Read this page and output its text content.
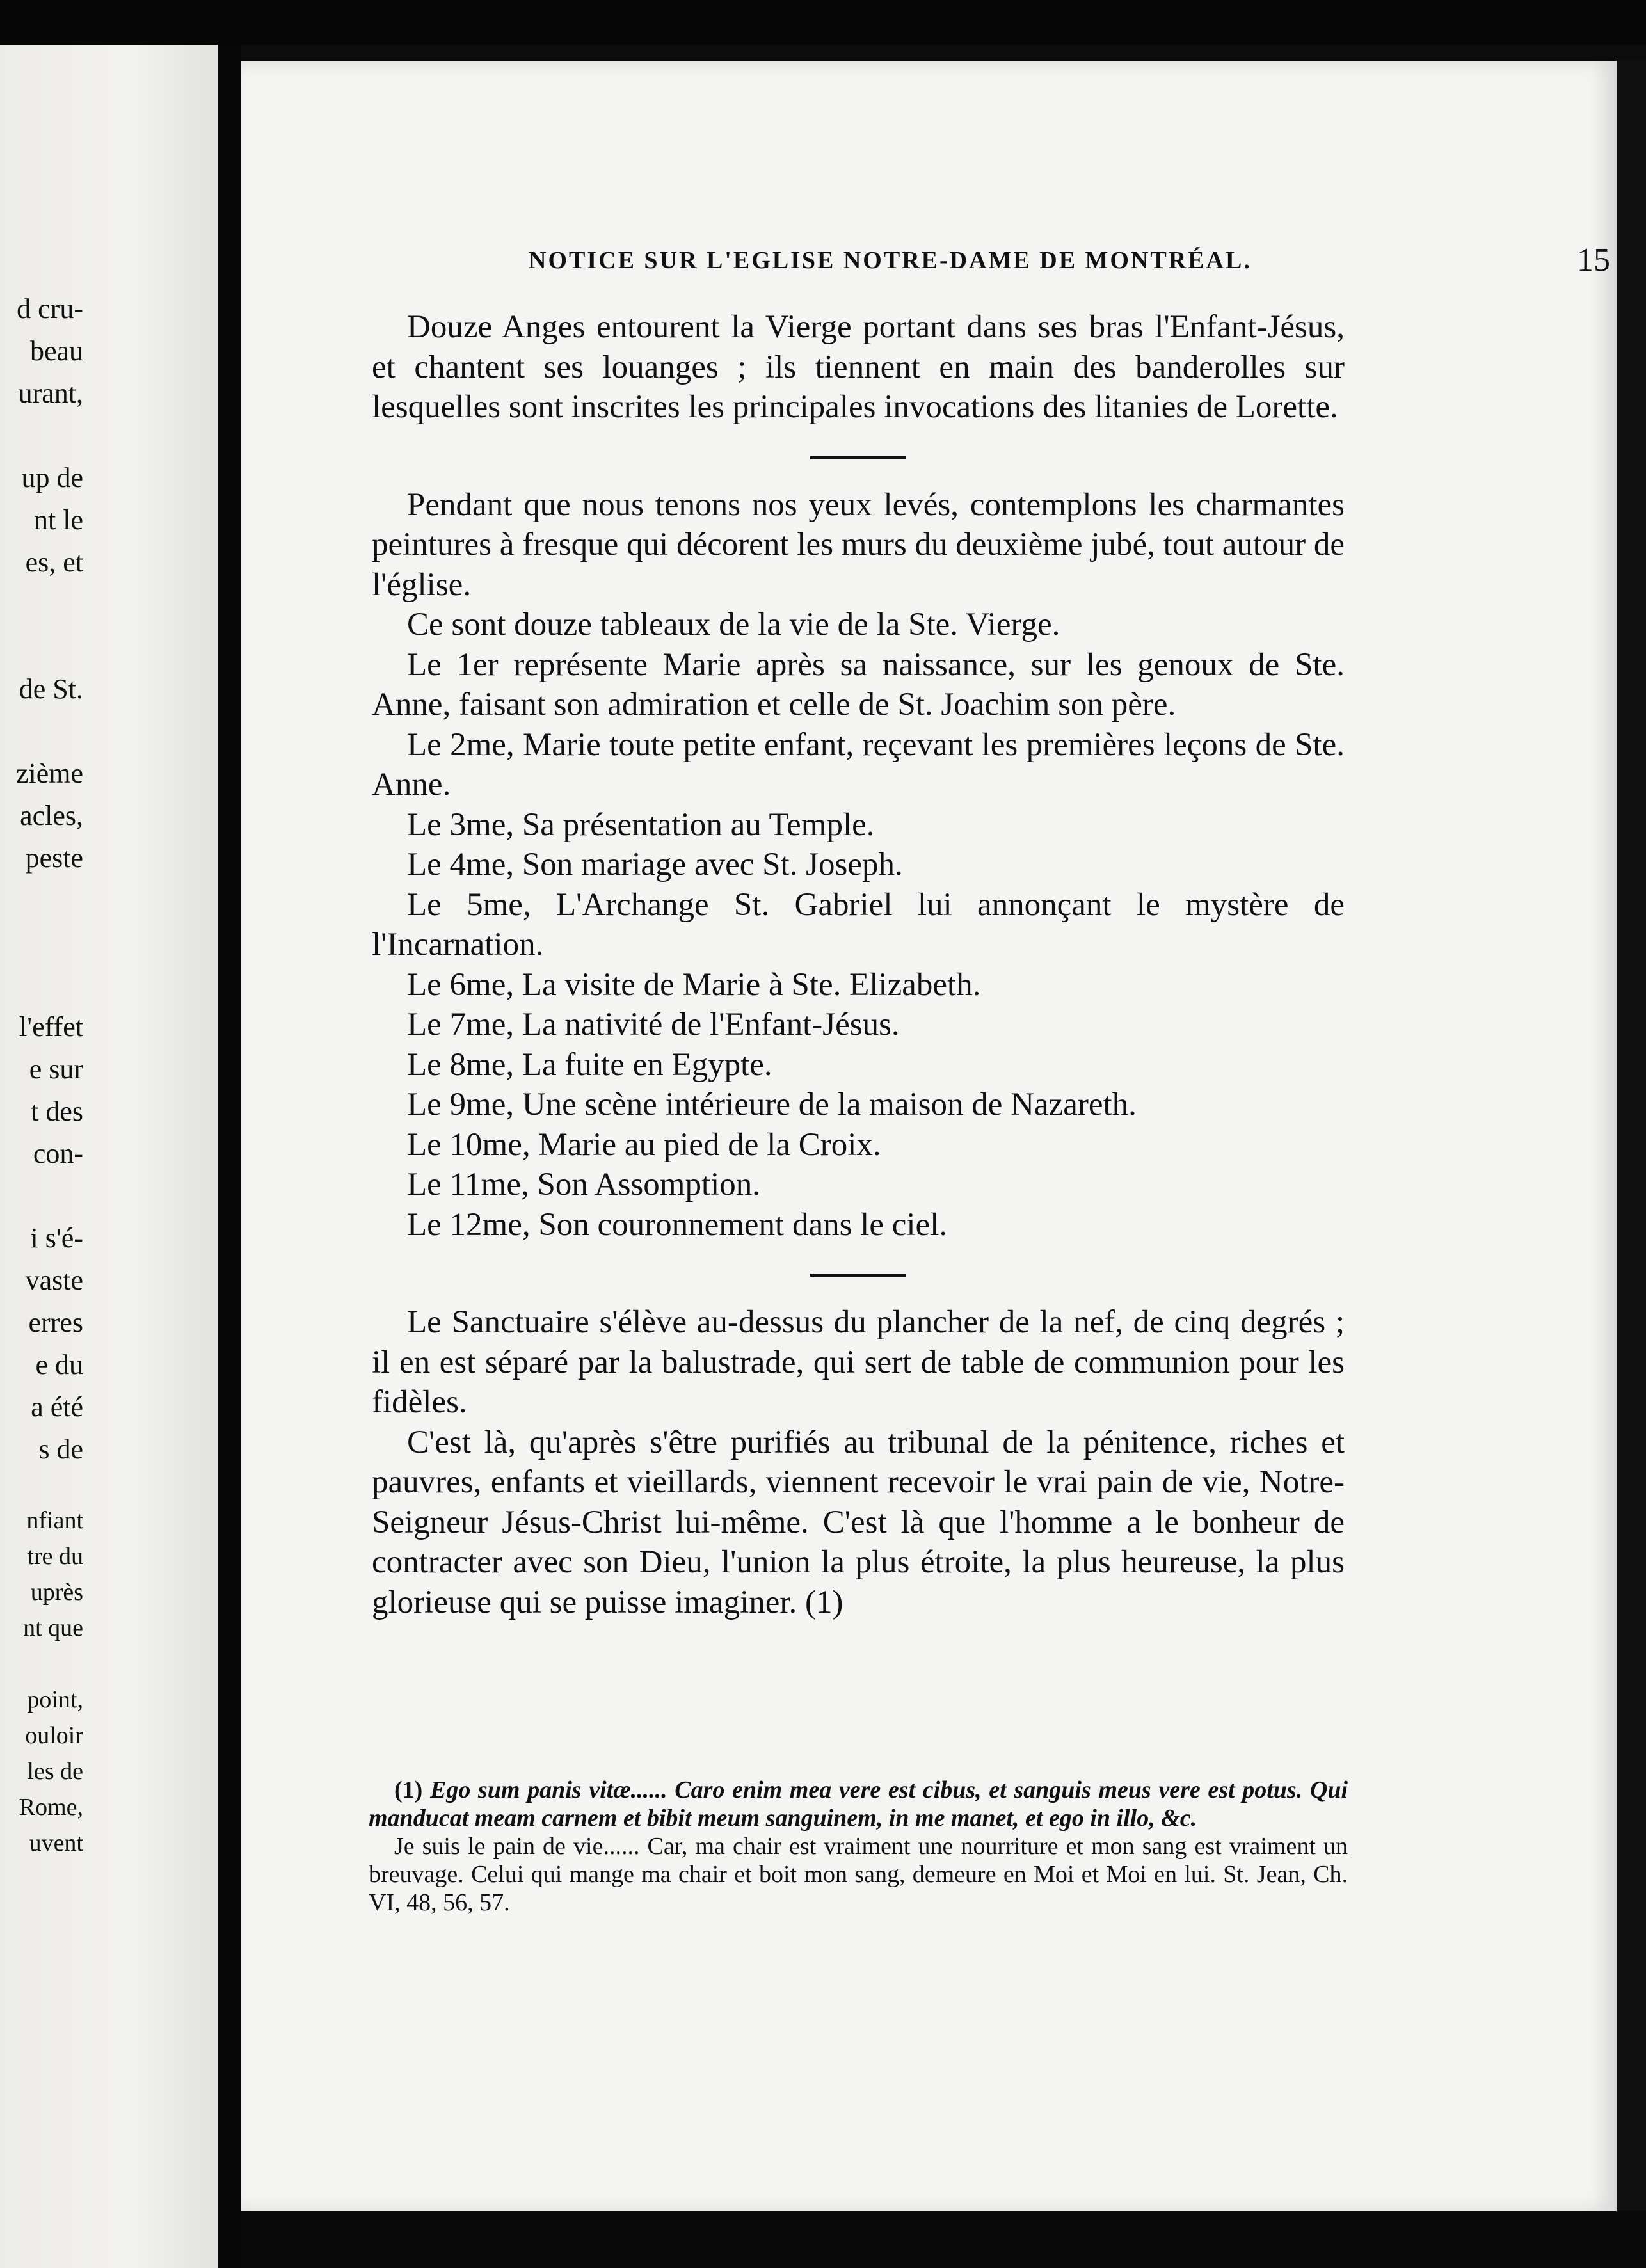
d cru-
beau
urant,
up de
nt le
es, et
de St.
zième
acles,
peste
l'effet
e sur
t des
con-
i s'é-
vaste
erres
e du
a été
s de
nfiant
tre du
uprès
nt que
point,
ouloir
les de
Rome,
uvent
NOTICE SUR L'EGLISE NOTRE-DAME DE MONTRÉAL.	15

Douze Anges entourent la Vierge portant dans ses bras l'Enfant-Jésus, et chantent ses louanges ; ils tiennent en main des banderolles sur lesquelles sont inscrites les principales invocations des litanies de Lorette.

Pendant que nous tenons nos yeux levés, contemplons les charmantes peintures à fresque qui décorent les murs du deuxième jubé, tout autour de l'église.

Ce sont douze tableaux de la vie de la Ste. Vierge.

Le 1er représente Marie après sa naissance, sur les genoux de Ste. Anne, faisant son admiration et celle de St. Joachim son père.

Le 2me, Marie toute petite enfant, reçevant les premières leçons de Ste. Anne.

Le 3me, Sa présentation au Temple.

Le 4me, Son mariage avec St. Joseph.

Le 5me, L'Archange St. Gabriel lui annonçant le mystère de l'Incarnation.

Le 6me, La visite de Marie à Ste. Elizabeth.

Le 7me, La nativité de l'Enfant-Jésus.

Le 8me, La fuite en Egypte.

Le 9me, Une scène intérieure de la maison de Nazareth.

Le 10me, Marie au pied de la Croix.

Le 11me, Son Assomption.

Le 12me, Son couronnement dans le ciel.

Le Sanctuaire s'élève au-dessus du plancher de la nef, de cinq degrés ; il en est séparé par la balustrade, qui sert de table de communion pour les fidèles.

C'est là, qu'après s'être purifiés au tribunal de la pénitence, riches et pauvres, enfants et vieillards, viennent recevoir le vrai pain de vie, Notre-Seigneur Jésus-Christ lui-même. C'est là que l'homme a le bonheur de contracter avec son Dieu, l'union la plus étroite, la plus heureuse, la plus glorieuse qui se puisse imaginer. (1)

(1) Ego sum panis vitæ...... Caro enim mea vere est cibus, et sanguis meus vere est potus. Qui manducat meam carnem et bibit meum sanguinem, in me manet, et ego in illo, &c.

Je suis le pain de vie...... Car, ma chair est vraiment une nourriture et mon sang est vraiment un breuvage. Celui qui mange ma chair et boit mon sang, demeure en Moi et Moi en lui. St. Jean, Ch. VI, 48, 56, 57.
